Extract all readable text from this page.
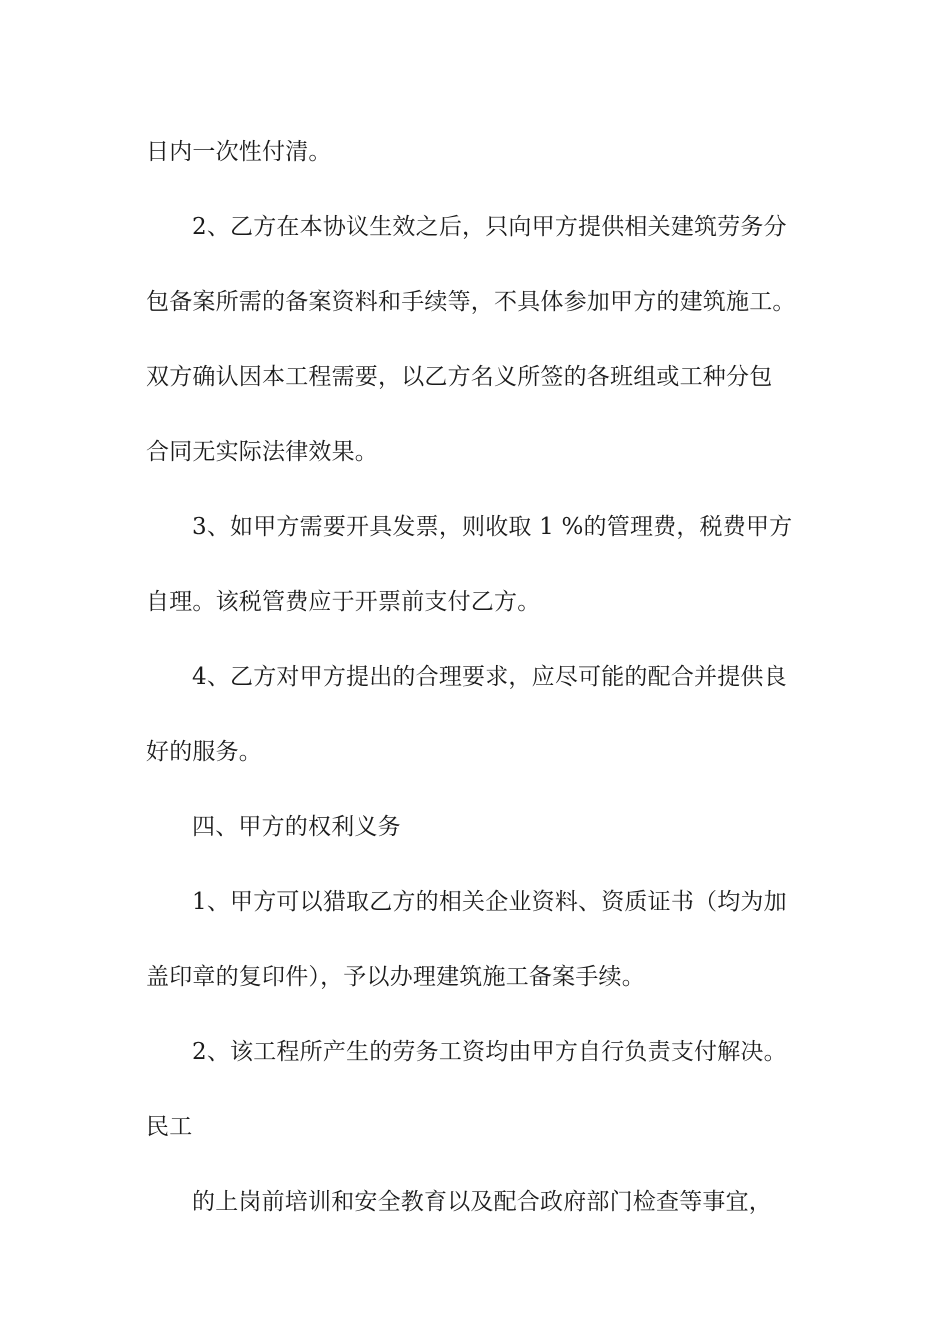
日内一次性付清。
2、乙方在本协议生效之后，只向甲方提供相关建筑劳务分
包备案所需的备案资料和手续等，不具体参加甲方的建筑施工。
双方确认因本工程需要，以乙方名义所签的各班组或工种分包
合同无实际法律效果。
3、如甲方需要开具发票，则收取 1 %的管理费，税费甲方
自理。该税管费应于开票前支付乙方。
4、乙方对甲方提出的合理要求，应尽可能的配合并提供良
好的服务。
四、甲方的权利义务
1、甲方可以猎取乙方的相关企业资料、资质证书（均为加
盖印章的复印件），予以办理建筑施工备案手续。
2、该工程所产生的劳务工资均由甲方自行负责支付解决。
民工
的上岗前培训和安全教育以及配合政府部门检查等事宜，
